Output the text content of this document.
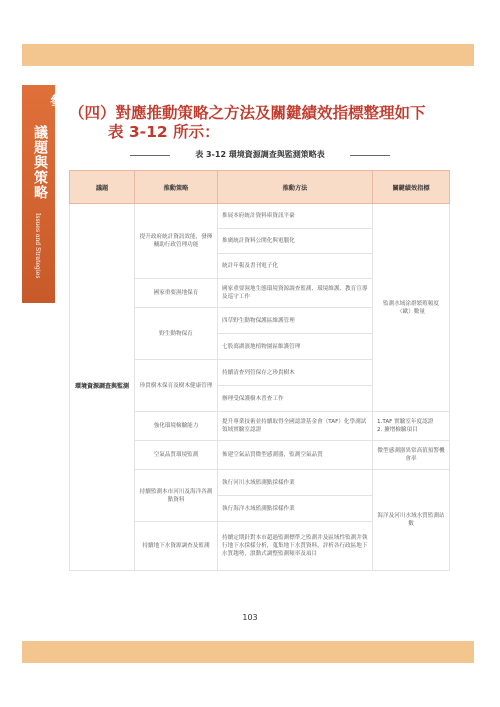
參、
議題與策略
Issues and Strategies
（四）對應推動策略之方法及關鍵績效指標整理如下
表 3-12 所示：
表 3-12 環境資源調查與監測策略表
議題	推動策略	推動方法	關鍵績效指標
環境資源調查與監測	提升政府統計資訊效能，發揮輔助行政管理功能	推展本府統計資料庫資訊平臺	監測水域涂群繁殖頻度（歐）數量
		推廣統計資料公開化與電腦化	
		統計年報及書刊電子化	
	國家重要濕地保育	國家重要濕地生態環境資源調查監測、環境維護、教育宣導及巡守工作	
	野生動物保育	四草野生動物保護區維護管理	
		七股瀉湖濱地植物園區維護管理	
	珍貴樹木保育及樹木健康管理	持續清查列管保存之珍貴樹木	
		辦理受保護樹木普查工作	
	強化環境檢驗能力	提升專業技術並持續取得全國認證基金會（TAF）化學測試領域實驗室認證	1.TAF 實驗室年度認證
2. 擴增檢驗項目
	空氣品質環境監測	佈建空氣品質微型感測器，監測空氣品質	微型感測器異常高值預警機會率
	持續監測本市河川及海洋各測點資料	執行河川水域監測點採樣作業	海洋及河川水域水質監測站數
		執行海洋水域監測點採樣作業	
	持續地下水資源調查及監測	持續定期針對本市超過監測標準之監測井及區域性監測井執行地下水採樣分析，蒐集地下水質資料，評析各行政區地下水質趨勢，滾動式調整監測頻率及項目	
103
